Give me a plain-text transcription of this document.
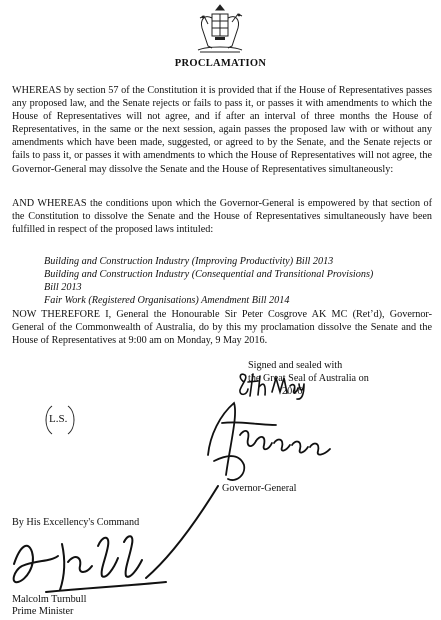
PROCLAMATION
WHEREAS by section 57 of the Constitution it is provided that if the House of Representatives passes any proposed law, and the Senate rejects or fails to pass it, or passes it with amendments to which the House of Representatives will not agree, and if after an interval of three months the House of Representatives, in the same or the next session, again passes the proposed law with or without any amendments which have been made, suggested, or agreed to by the Senate, and the Senate rejects or fails to pass it, or passes it with amendments to which the House of Representatives will not agree, the Governor-General may dissolve the Senate and the House of Representatives simultaneously:
AND WHEREAS the conditions upon which the Governor-General is empowered by that section of the Constitution to dissolve the Senate and the House of Representatives simultaneously have been fulfilled in respect of the proposed laws intituled:
Building and Construction Industry (Improving Productivity) Bill 2013
Building and Construction Industry (Consequential and Transitional Provisions)
Bill 2013
Fair Work (Registered Organisations) Amendment Bill 2014
NOW THEREFORE I, General the Honourable Sir Peter Cosgrove AK MC (Ret’d), Governor-General of the Commonwealth of Australia, do by this my proclamation dissolve the Senate and the House of Representatives at 9:00 am on Monday, 9 May 2016.
Signed and sealed with
the Great Seal of Australia on
2016
L.S.
Governor-General
By His Excellency's Command
Malcolm Turnbull
Prime Minister
